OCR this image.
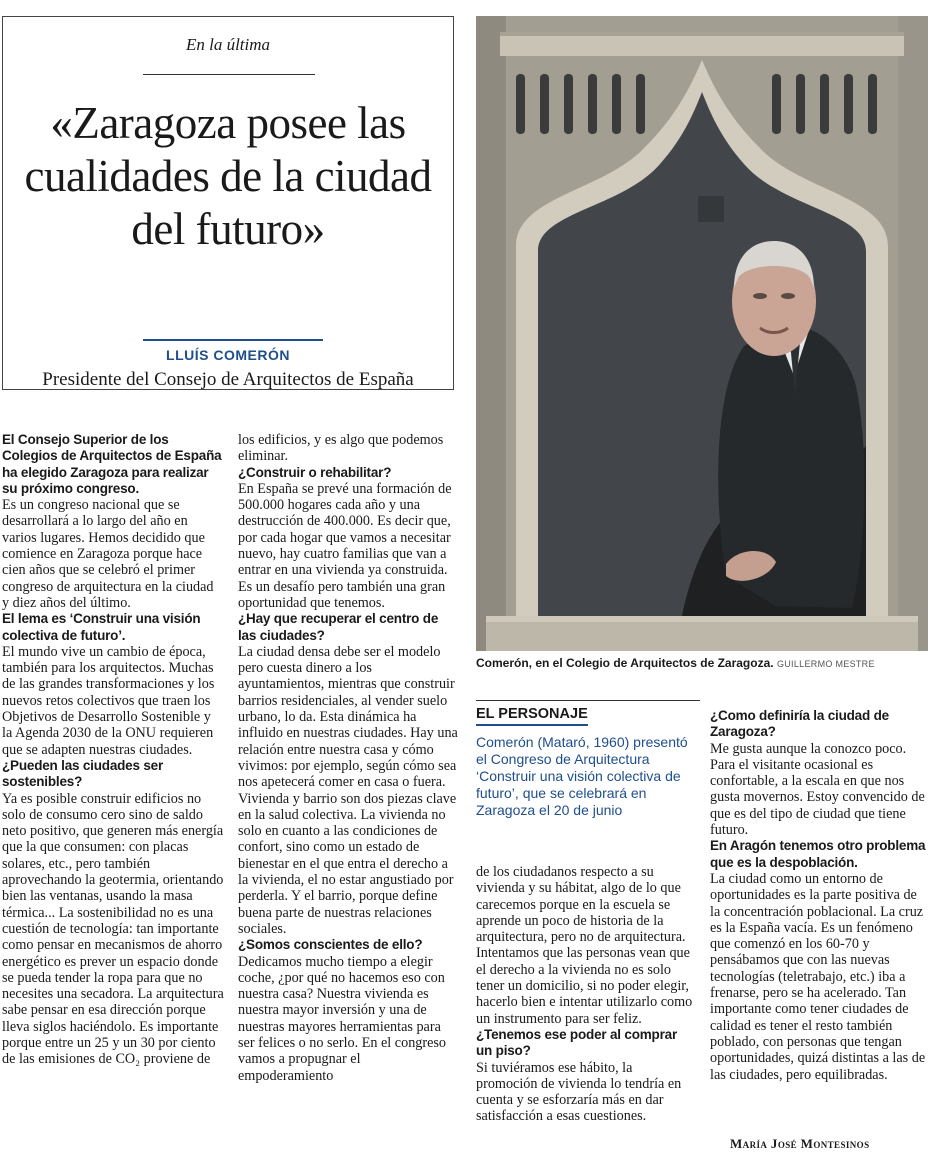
En la última
«Zaragoza posee las cualidades de la ciudad del futuro»
LLUÍS COMERÓN
Presidente del Consejo de Arquitectos de España
Comerón, en el Colegio de Arquitectos de Zaragoza. GUILLERMO MESTRE

El Consejo Superior de los Colegios de Arquitectos de España ha elegido Zaragoza para realizar su próximo congreso.

Es un congreso nacional que se desarrollará a lo largo del año en varios lugares. Hemos decidido que comience en Zaragoza porque hace cien años que se celebró el primer congreso de arquitectura en la ciudad y diez años del último.

El lema es ‘Construir una visión colectiva de futuro’.

El mundo vive un cambio de época, también para los arquitectos. Muchas de las grandes transformaciones y los nuevos retos colectivos que traen los Objetivos de Desarrollo Sostenible y la Agenda 2030 de la ONU requieren que se adapten nuestras ciudades.

¿Pueden las ciudades ser sostenibles?

Ya es posible construir edificios no solo de consumo cero sino de saldo neto positivo, que generen más energía que la que consumen: con placas solares, etc., pero también aprovechando la geotermia, orientando bien las ventanas, usando la masa térmica... La sostenibilidad no es una cuestión de tecnología: tan importante como pensar en mecanismos de ahorro energético es prever un espacio donde se pueda tender la ropa para que no necesites una secadora. La arquitectura sabe pensar en esa dirección porque lleva siglos haciéndolo. Es importante porque entre un 25 y un 30 por ciento de las emisiones de CO₂ proviene de

los edificios, y es algo que podemos eliminar.

¿Construir o rehabilitar?

En España se prevé una formación de 500.000 hogares cada año y una destrucción de 400.000. Es decir que, por cada hogar que vamos a necesitar nuevo, hay cuatro familias que van a entrar en una vivienda ya construida. Es un desafío pero también una gran oportunidad que tenemos.

¿Hay que recuperar el centro de las ciudades?

La ciudad densa debe ser el modelo pero cuesta dinero a los ayuntamientos, mientras que construir barrios residenciales, al vender suelo urbano, lo da. Esta dinámica ha influido en nuestras ciudades. Hay una relación entre nuestra casa y cómo vivimos: por ejemplo, según cómo sea nos apetecerá comer en casa o fuera. Vivienda y barrio son dos piezas clave en la salud colectiva. La vivienda no solo en cuanto a las condiciones de confort, sino como un estado de bienestar en el que entra el derecho a la vivienda, el no estar angustiado por perderla. Y el barrio, porque define buena parte de nuestras relaciones sociales.

¿Somos conscientes de ello?

Dedicamos mucho tiempo a elegir coche, ¿por qué no hacemos eso con nuestra casa? Nuestra vivienda es nuestra mayor inversión y una de nuestras mayores herramientas para ser felices o no serlo. En el congreso vamos a propugnar el empoderamiento

EL PERSONAJE

Comerón (Mataró, 1960) presentó el Congreso de Arquitectura ‘Construir una visión colectiva de futuro’, que se celebrará en Zaragoza el 20 de junio

de los ciudadanos respecto a su vivienda y su hábitat, algo de lo que carecemos porque en la escuela se aprende un poco de historia de la arquitectura, pero no de arquitectura. Intentamos que las personas vean que el derecho a la vivienda no es solo tener un domicilio, si no poder elegir, hacerlo bien e intentar utilizarlo como un instrumento para ser feliz.

¿Tenemos ese poder al comprar un piso?

Si tuviéramos ese hábito, la promoción de vivienda lo tendría en cuenta y se esforzaría más en dar satisfacción a esas cuestiones.

¿Como definiría la ciudad de Zaragoza?

Me gusta aunque la conozco poco. Para el visitante ocasional es confortable, a la escala en que nos gusta movernos. Estoy convencido de que es del tipo de ciudad que tiene futuro.

En Aragón tenemos otro problema que es la despoblación.

La ciudad como un entorno de oportunidades es la parte positiva de la concentración poblacional. La cruz es la España vacía. Es un fenómeno que comenzó en los 60-70 y pensábamos que con las nuevas tecnologías (teletrabajo, etc.) iba a frenarse, pero se ha acelerado. Tan importante como tener ciudades de calidad es tener el resto también poblado, con personas que tengan oportunidades, quizá distintas a las de las ciudades, pero equilibradas.

María José Montesinos
